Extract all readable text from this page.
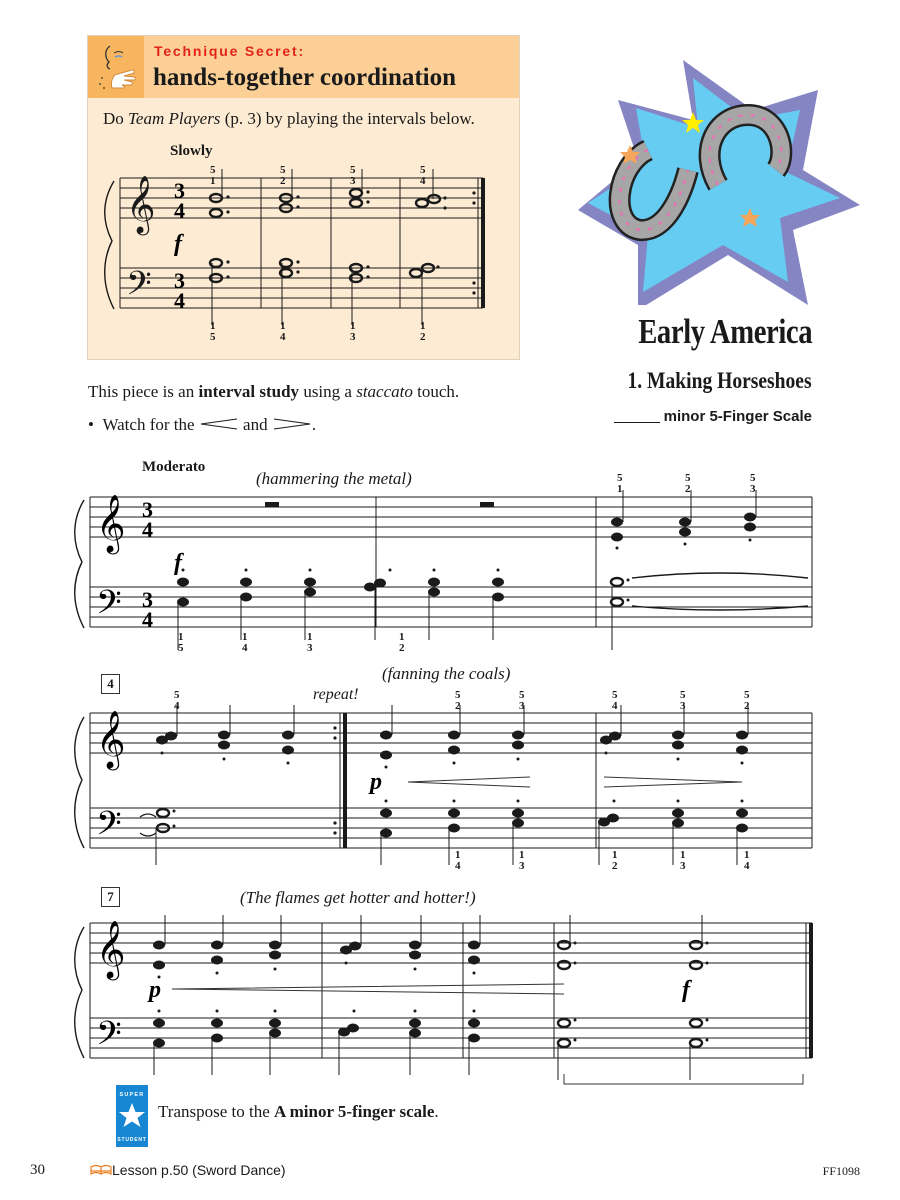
Technique Secret:
hands-together coordination
Do Team Players (p. 3) by playing the intervals below.
Slowly
𝄞
𝄢
3
4
3
4
f
5
1
5
2
5
3
5
4
1
5
1
4
1
3
1
2	Early America
1. Making Horseshoes
minor 5-Finger Scale
This piece is an interval study using a staccato touch.
• Watch for the  and .
Moderato
(hammering the metal)
𝄞
𝄢
3
4
3
4
f
5
1
5
2
5
3
1
5
1
4
1
3
1
2
4
(fanning the coals)
repeat!
𝄞
𝄢
p
5
4
5
2
5
3
5
4
5
3
5
2
1
4
1
3
1
2
1
3
1
4
7	(The flames get hotter and hotter!)
𝄞
𝄢
p	f
SUPER
STUDENT
Transpose to the A minor 5-finger scale.
30	Lesson p.50 (Sword Dance)	FF1098
